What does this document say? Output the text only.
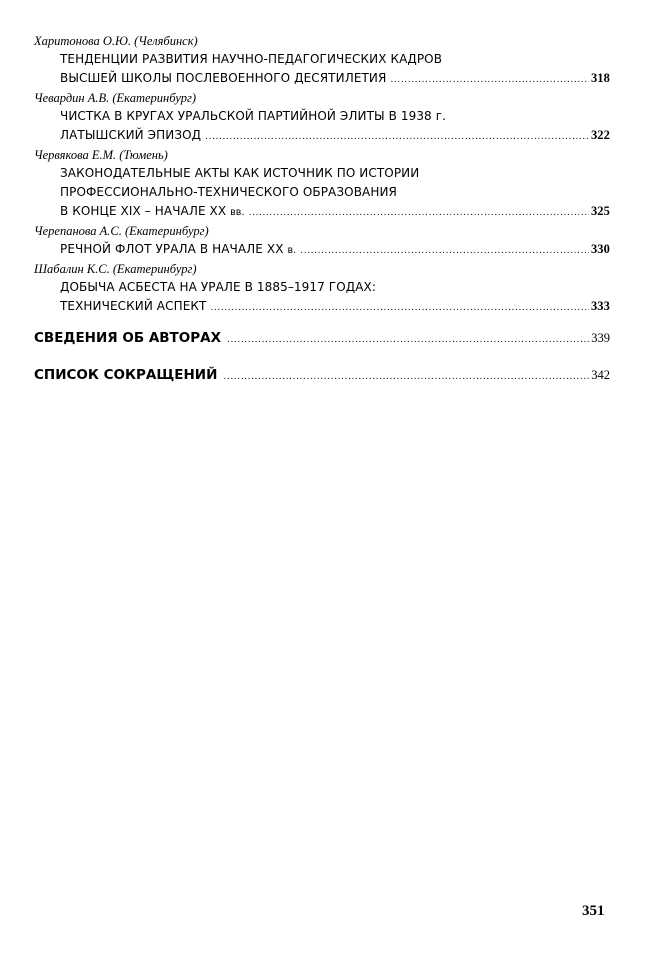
Харитонова О.Ю. (Челябинск)
ТЕНДЕНЦИИ РАЗВИТИЯ НАУЧНО-ПЕДАГОГИЧЕСКИХ КАДРОВ
ВЫСШЕЙ ШКОЛЫ ПОСЛЕВОЕННОГО ДЕСЯТИЛЕТИЯ .....	318
Чевардин А.В. (Екатеринбург)
ЧИСТКА В КРУГАХ УРАЛЬСКОЙ ПАРТИЙНОЙ ЭЛИТЫ В 1938 г.
ЛАТЫШСКИЙ ЭПИЗОД .....	322
Червякова Е.М. (Тюмень)
ЗАКОНОДАТЕЛЬНЫЕ АКТЫ КАК ИСТОЧНИК ПО ИСТОРИИ
ПРОФЕССИОНАЛЬНО-ТЕХНИЧЕСКОГО ОБРАЗОВАНИЯ
В КОНЦЕ XIX – НАЧАЛЕ XX вв. .....	325
Черепанова А.С. (Екатеринбург)
РЕЧНОЙ ФЛОТ УРАЛА В НАЧАЛЕ XX в. .....	330
Шабалин К.С. (Екатеринбург)
ДОБЫЧА АСБЕСТА НА УРАЛЕ В 1885–1917 ГОДАХ:
ТЕХНИЧЕСКИЙ АСПЕКТ .....	333
СВЕДЕНИЯ ОБ АВТОРАХ .....	339
СПИСОК СОКРАЩЕНИЙ .....	342
351
